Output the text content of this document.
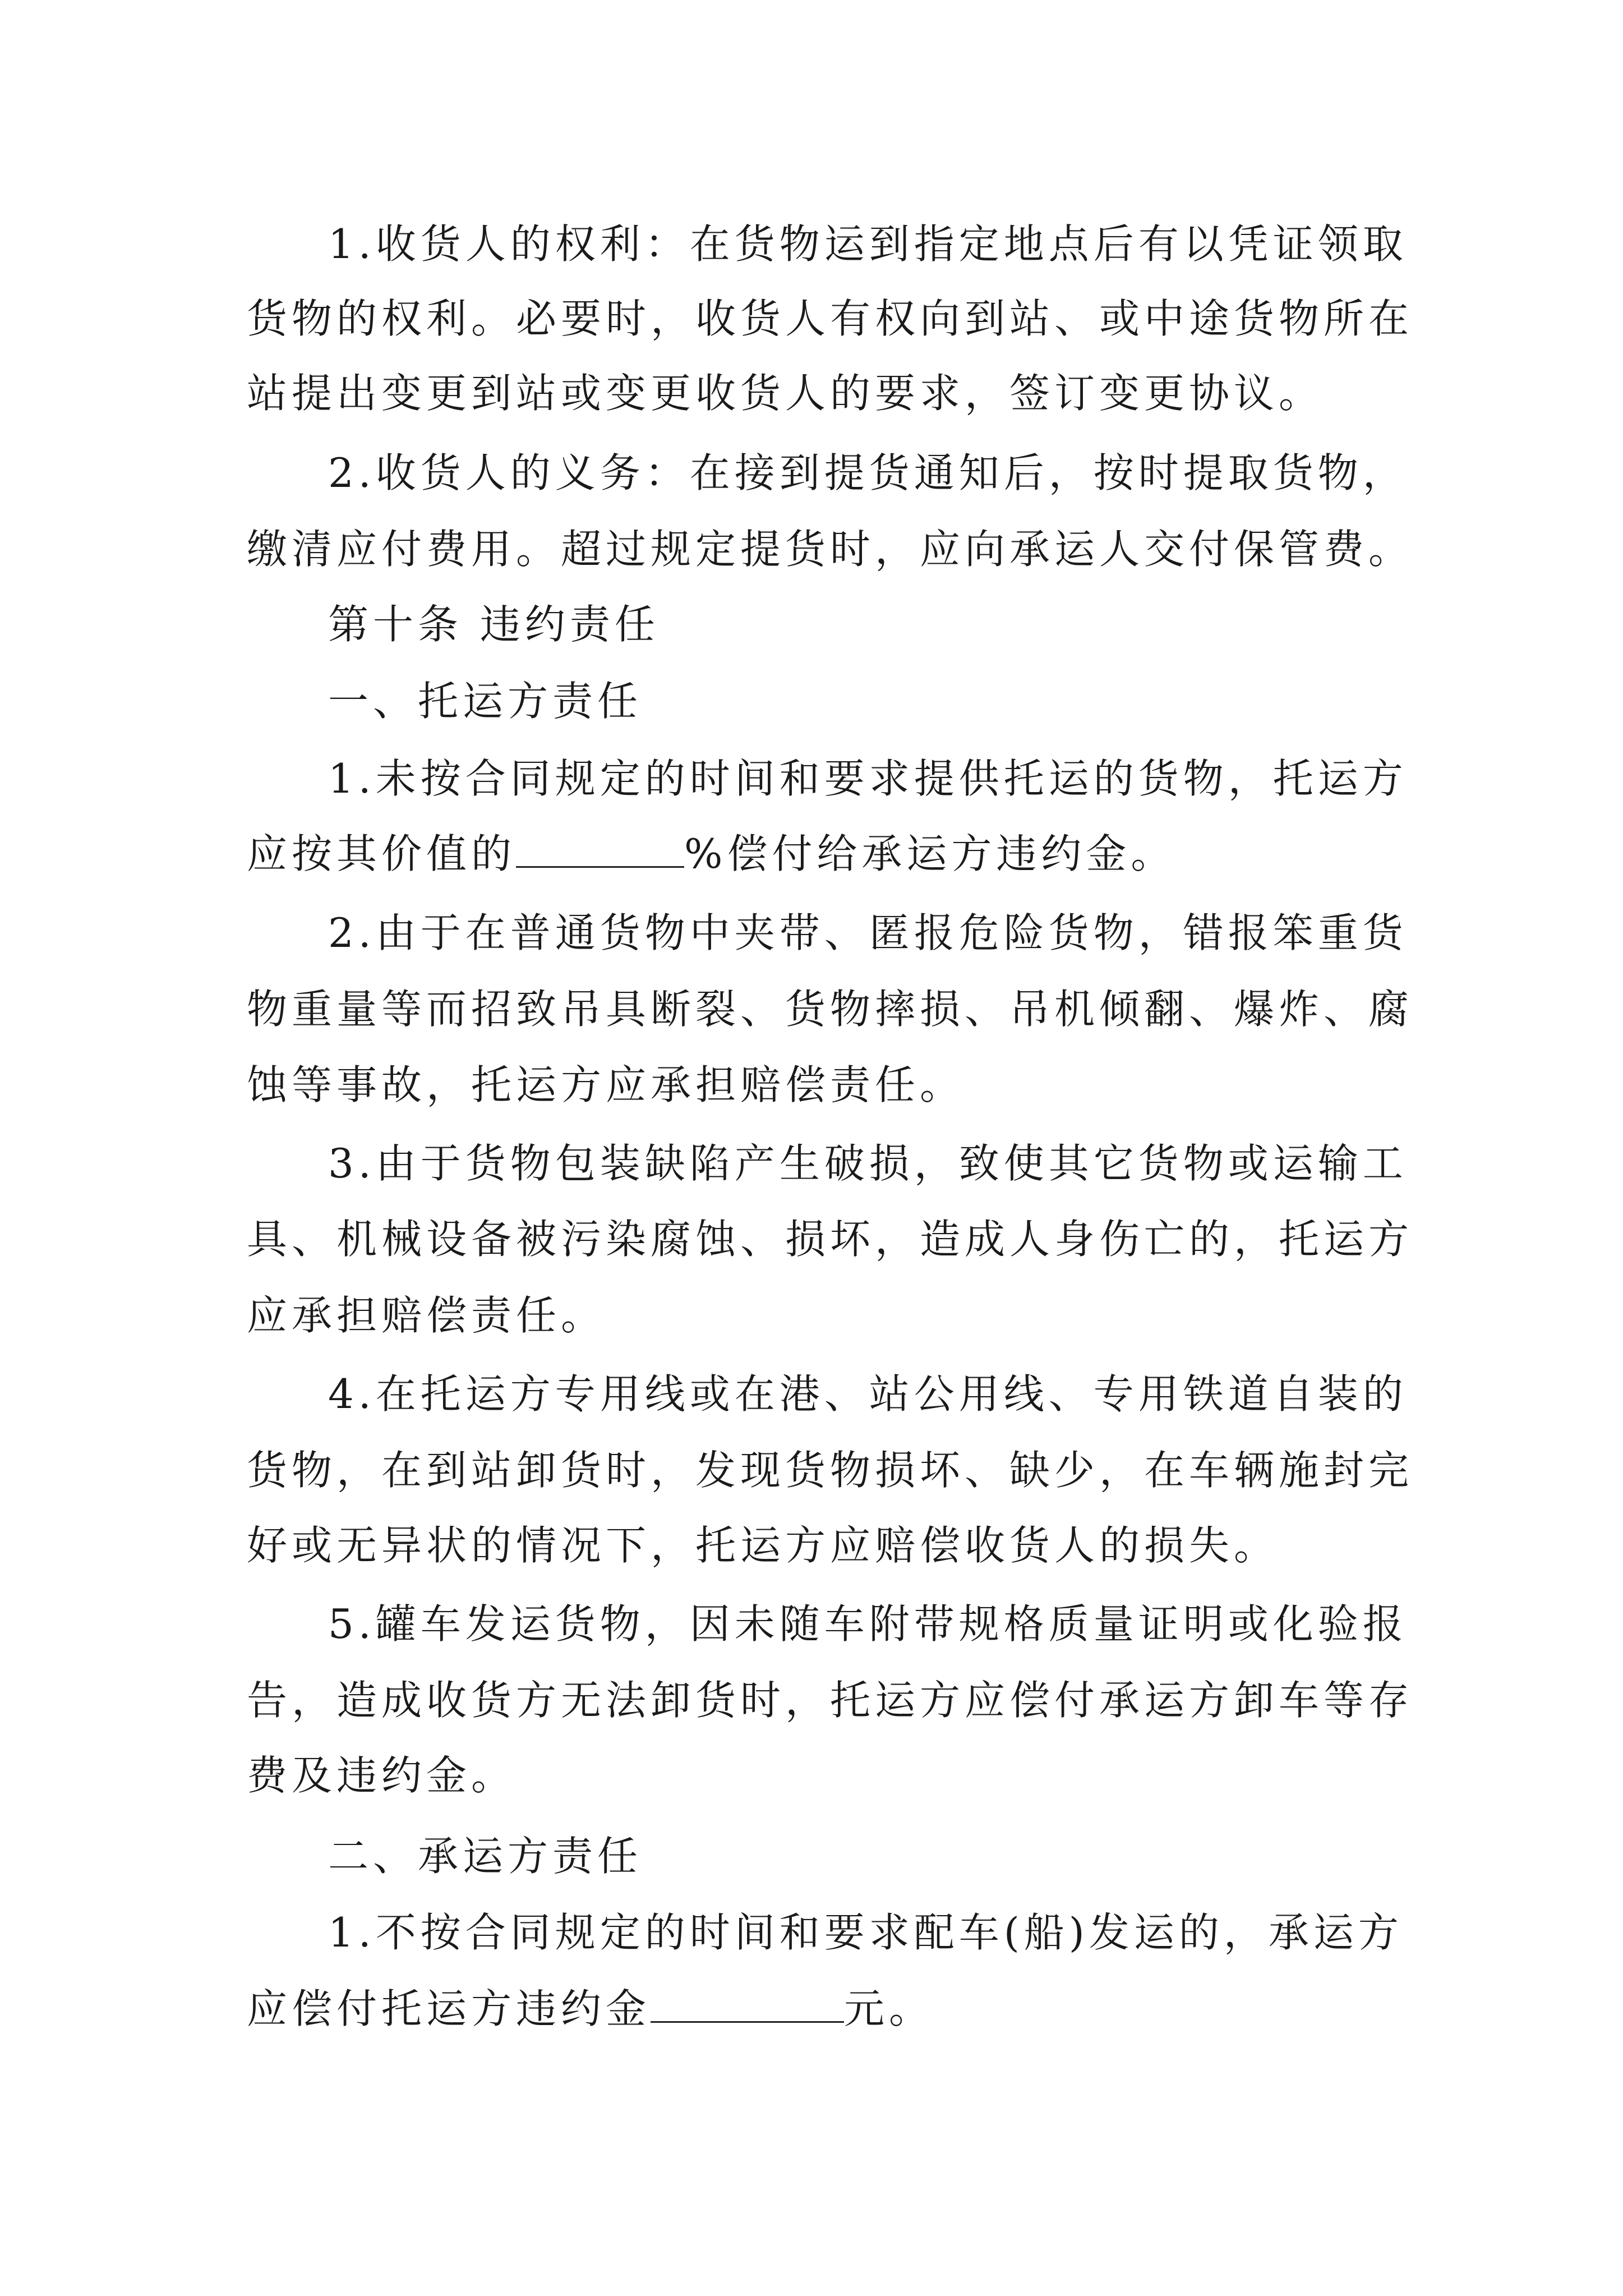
1.收货人的权利：在货物运到指定地点后有以凭证领取
货物的权利。必要时，收货人有权向到站、或中途货物所在
站提出变更到站或变更收货人的要求，签订变更协议。
2.收货人的义务：在接到提货通知后，按时提取货物，
缴清应付费用。超过规定提货时，应向承运人交付保管费。
第十条 违约责任
一、托运方责任
1.未按合同规定的时间和要求提供托运的货物，托运方
应按其价值的	%偿付给承运方违约金。
2.由于在普通货物中夹带、匿报危险货物，错报笨重货
物重量等而招致吊具断裂、货物摔损、吊机倾翻、爆炸、腐
蚀等事故，托运方应承担赔偿责任。
3.由于货物包装缺陷产生破损，致使其它货物或运输工
具、机械设备被污染腐蚀、损坏，造成人身伤亡的，托运方
应承担赔偿责任。
4.在托运方专用线或在港、站公用线、专用铁道自装的
货物，在到站卸货时，发现货物损坏、缺少，在车辆施封完
好或无异状的情况下，托运方应赔偿收货人的损失。
5.罐车发运货物，因未随车附带规格质量证明或化验报
告，造成收货方无法卸货时，托运方应偿付承运方卸车等存
费及违约金。
二、承运方责任
1.不按合同规定的时间和要求配车(船)发运的，承运方
应偿付托运方违约金	元。
